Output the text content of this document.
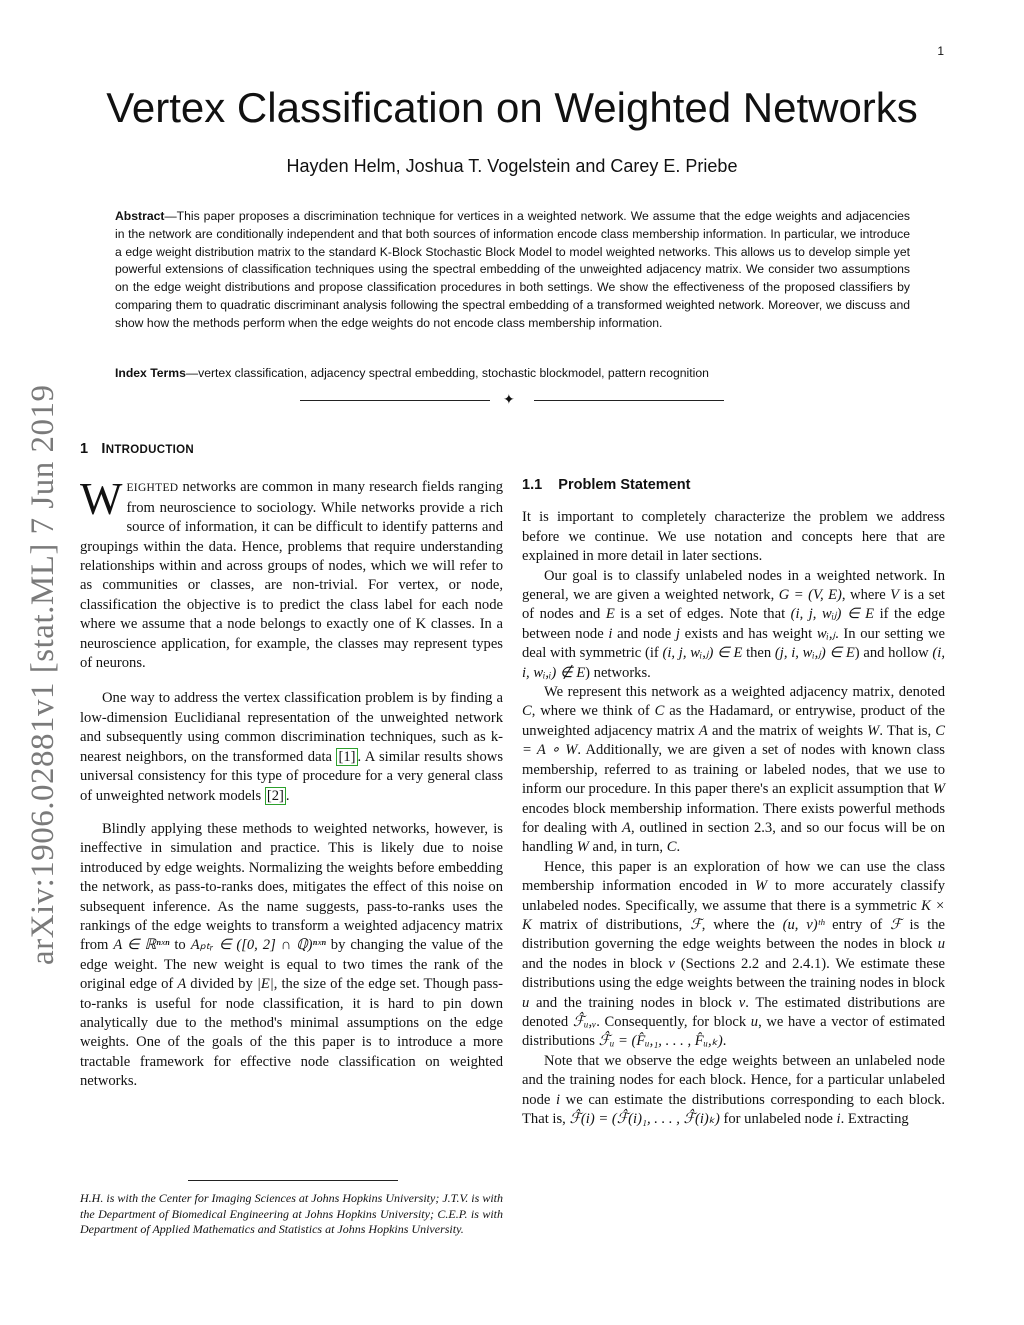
1
arXiv:1906.02881v1 [stat.ML] 7 Jun 2019
Vertex Classification on Weighted Networks
Hayden Helm, Joshua T. Vogelstein and Carey E. Priebe
Abstract—This paper proposes a discrimination technique for vertices in a weighted network. We assume that the edge weights and adjacencies in the network are conditionally independent and that both sources of information encode class membership information. In particular, we introduce a edge weight distribution matrix to the standard K-Block Stochastic Block Model to model weighted networks. This allows us to develop simple yet powerful extensions of classification techniques using the spectral embedding of the unweighted adjacency matrix. We consider two assumptions on the edge weight distributions and propose classification procedures in both settings. We show the effectiveness of the proposed classifiers by comparing them to quadratic discriminant analysis following the spectral embedding of a transformed weighted network. Moreover, we discuss and show how the methods perform when the edge weights do not encode class membership information.
Index Terms—vertex classification, adjacency spectral embedding, stochastic blockmodel, pattern recognition
✦
1 INTRODUCTION

WEIGHTED networks are common in many research fields ranging from neuroscience to sociology. While networks provide a rich source of information, it can be difficult to identify patterns and groupings within the data. Hence, problems that require understanding relationships within and across groups of nodes, which we will refer to as communities or classes, are non-trivial. For vertex, or node, classification the objective is to predict the class label for each node where we assume that a node belongs to exactly one of K classes. In a neuroscience application, for example, the classes may represent types of neurons.

One way to address the vertex classification problem is by finding a low-dimension Euclidianal representation of the unweighted network and subsequently using common discrimination techniques, such as k-nearest neighbors, on the transformed data [1] . A similar results shows universal consistency for this type of procedure for a very general class of unweighted network models [2] .

Blindly applying these methods to weighted networks, however, is ineffective in simulation and practice. This is likely due to noise introduced by edge weights. Normalizing the weights before embedding the network, as pass-to-ranks does, mitigates the effect of this noise on subsequent inference. As the name suggests, pass-to-ranks uses the rankings of the edge weights to transform a weighted adjacency matrix from A ∈ ℝⁿˣⁿ to Aₚₜᵣ ∈ ([0, 2] ∩ ℚ)ⁿˣⁿ by changing the value of the edge weight. The new weight is equal to two times the rank of the original edge of A divided by |E|, the size of the edge set. Though pass-to-ranks is useful for node classification, it is hard to pin down analytically due to the method's minimal assumptions on the edge weights. One of the goals of the this paper is to introduce a more tractable framework for effective node classification on weighted networks.

H.H. is with the Center for Imaging Sciences at Johns Hopkins University; J.T.V. is with the Department of Biomedical Engineering at Johns Hopkins University; C.E.P. is with Department of Applied Mathematics and Statistics at Johns Hopkins University.
1.1 Problem Statement

It is important to completely characterize the problem we address before we continue. We use notation and concepts here that are explained in more detail in later sections.

Our goal is to classify unlabeled nodes in a weighted network. In general, we are given a weighted network, G = (V, E), where V is a set of nodes and E is a set of edges. Note that (i, j, wᵢⱼ) ∈ E if the edge between node i and node j exists and has weight wᵢ,ⱼ. In our setting we deal with symmetric (if (i, j, wᵢ,ⱼ) ∈ E then (j, i, wᵢ,ⱼ) ∈ E) and hollow (i, i, wᵢ,ᵢ) ∉ E) networks.

We represent this network as a weighted adjacency matrix, denoted C, where we think of C as the Hadamard, or entrywise, product of the unweighted adjacency matrix A and the matrix of weights W. That is, C = A ∘ W. Additionally, we are given a set of nodes with known class membership, referred to as training or labeled nodes, that we use to inform our procedure. In this paper there's an explicit assumption that W encodes block membership information. There exists powerful methods for dealing with A, outlined in section 2.3, and so our focus will be on handling W and, in turn, C.

Hence, this paper is an exploration of how we can use the class membership information encoded in W to more accurately classify unlabeled nodes. Specifically, we assume that there is a symmetric K × K matrix of distributions, ℱ, where the (u, v)ᵗʰ entry of ℱ is the distribution governing the edge weights between the nodes in block u and the nodes in block v (Sections 2.2 and 2.4.1). We estimate these distributions using the edge weights between the training nodes in block u and the training nodes in block v. The estimated distributions are denoted ℱ̂ᵤ,ᵥ. Consequently, for block u, we have a vector of estimated distributions ℱ̂ᵤ = (F̂ᵤ,₁, . . . , F̂ᵤ,ₖ).

Note that we observe the edge weights between an unlabeled node and the training nodes for each block. Hence, for a particular unlabeled node i we can estimate the distributions corresponding to each block. That is, ℱ̂(i) = (ℱ̂(i)₁, . . . , ℱ̂(i)ₖ) for unlabeled node i. Extracting
